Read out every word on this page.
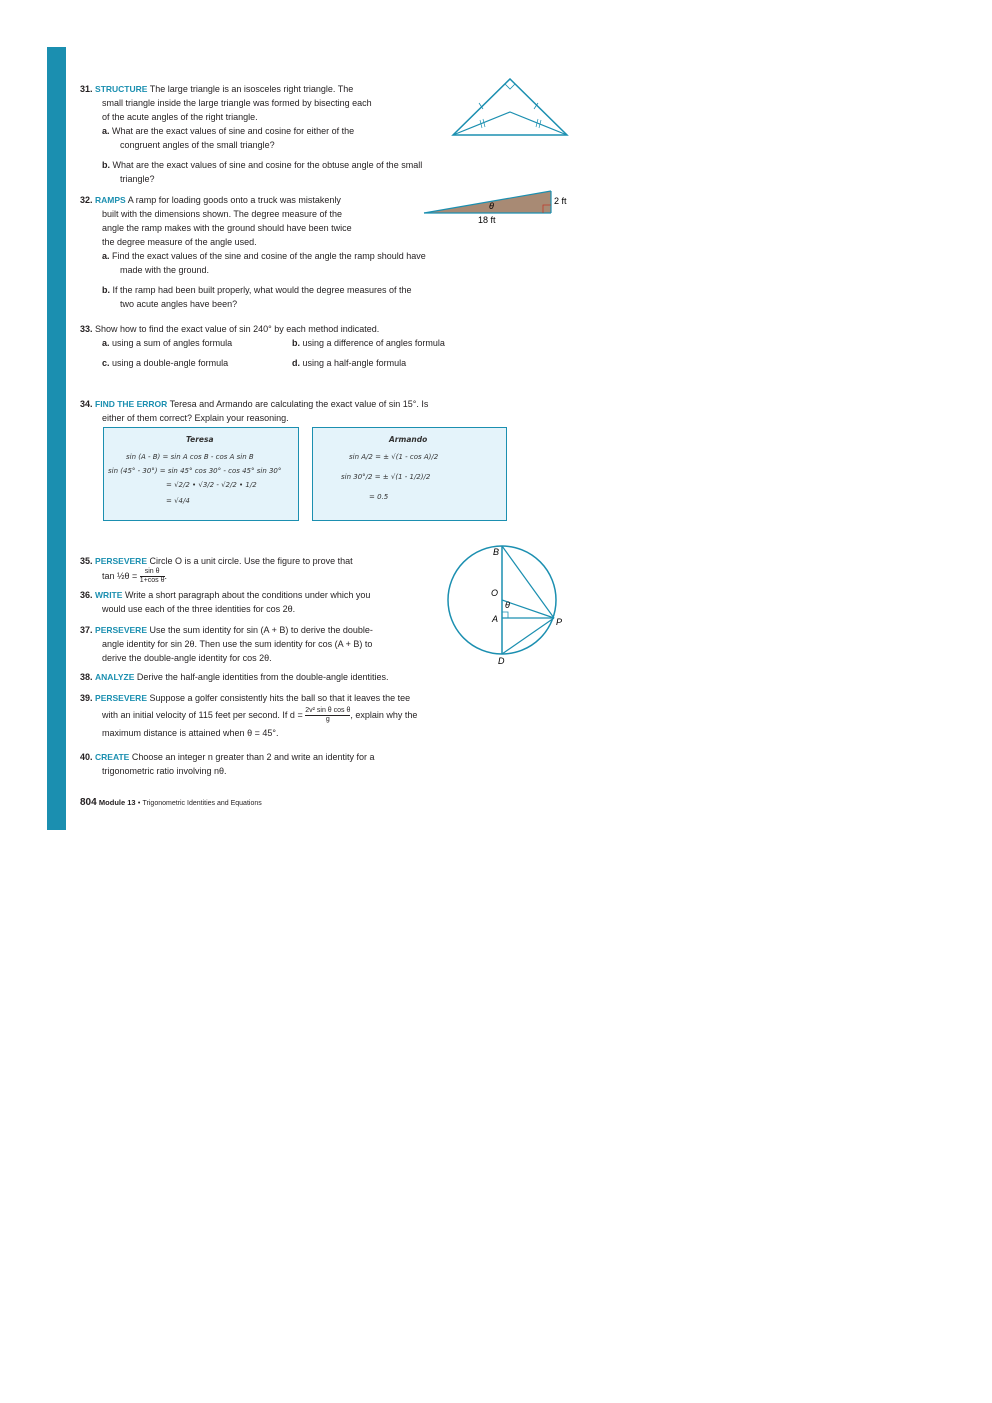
31. STRUCTURE The large triangle is an isosceles right triangle. The
small triangle inside the large triangle was formed by bisecting each
of the acute angles of the right triangle.
a. What are the exact values of sine and cosine for either of the
congruent angles of the small triangle?
b. What are the exact values of sine and cosine for the obtuse angle of the small
triangle?
32. RAMPS A ramp for loading goods onto a truck was mistakenly
built with the dimensions shown. The degree measure of the
angle the ramp makes with the ground should have been twice
the degree measure of the angle used.
a. Find the exact values of the sine and cosine of the angle the ramp should have
made with the ground.
b. If the ramp had been built properly, what would the degree measures of the
two acute angles have been?
θ
18 ft
2 ft
33. Show how to find the exact value of sin 240° by each method indicated.
a. using a sum of angles formula	b. using a difference of angles formula
c. using a double-angle formula	d. using a half-angle formula
34. FIND THE ERROR Teresa and Armando are calculating the exact value of sin 15°. Is
either of them correct? Explain your reasoning.
Teresa
sin (A - B) = sin A cos B - cos A sin B
sin (45° - 30°) = sin 45° cos 30° - cos 45° sin 30°
= √2/2 • √3/2 - √2/2 • 1/2
= √4/4
Armando
sin A/2 = ± √(1 - cos A)/2
sin 30°/2 = ± √(1 - 1/2)/2
= 0.5
35. PERSEVERE Circle O is a unit circle. Use the figure to prove that
tan ½θ = $\frac{\text{sin θ}}{\text{1+cos θ}}$ .
36. WRITE Write a short paragraph about the conditions under which you
would use each of the three identities for cos 2θ.
37. PERSEVERE Use the sum identity for sin (A + B) to derive the double-
angle identity for sin 2θ. Then use the sum identity for cos (A + B) to
derive the double-angle identity for cos 2θ.
38. ANALYZE Derive the half-angle identities from the double-angle identities.
39. PERSEVERE Suppose a golfer consistently hits the ball so that it leaves the tee
with an initial velocity of 115 feet per second. If $d = \frac{\text{2v² sin θ cos θ}}{g}$ , explain why the
maximum distance is attained when θ = 45°.
40. CREATE Choose an integer n greater than 2 and write an identity for a
trigonometric ratio involving nθ.
804 Module 13 • Trigonometric Identities and Equations
B
O
θ
A	P
D
